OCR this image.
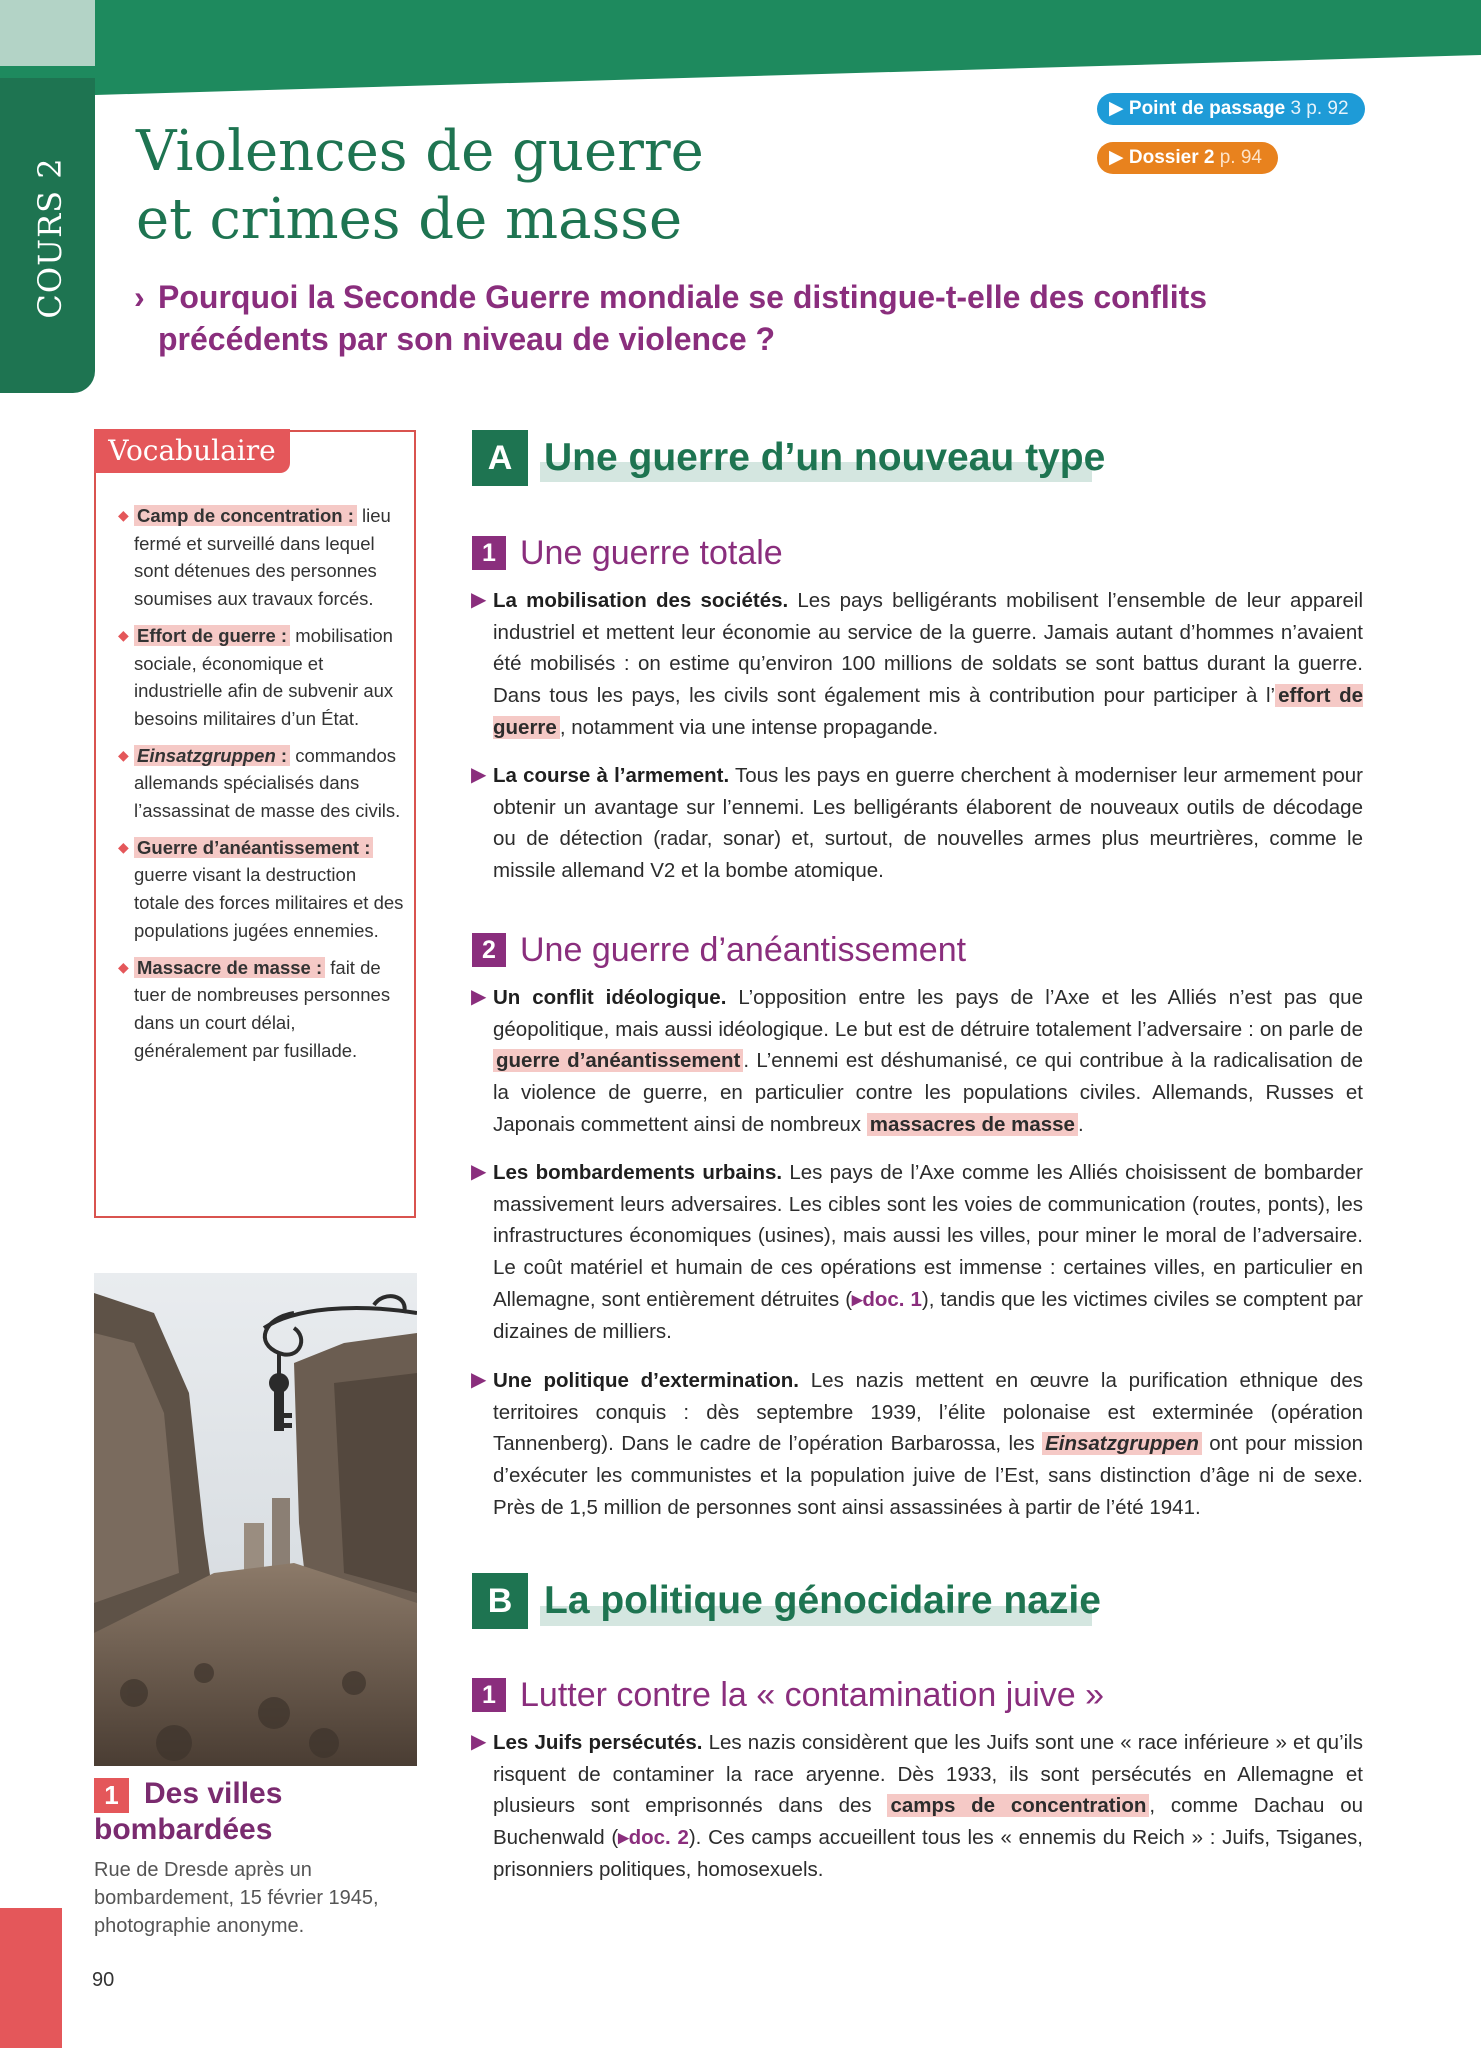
COURS 2
Violences de guerre
et crimes de masse
› Pourquoi la Seconde Guerre mondiale se distingue-t-elle des conflits précédents par son niveau de violence ?
▶ Point de passage 3 p. 92
▶ Dossier 2 p. 94
Vocabulaire
◆ Camp de concentration : lieu fermé et surveillé dans lequel sont détenues des personnes soumises aux travaux forcés.
◆ Effort de guerre : mobilisation sociale, économique et industrielle afin de subvenir aux besoins militaires d’un État.
◆ Einsatzgruppen : commandos allemands spécialisés dans l’assassinat de masse des civils.
◆ Guerre d’anéantissement : guerre visant la destruction totale des forces militaires et des populations jugées ennemies.
◆ Massacre de masse : fait de tuer de nombreuses personnes dans un court délai, généralement par fusillade.
1 Des villes bombardées
Rue de Dresde après un bombardement, 15 février 1945, photographie anonyme.
90
A Une guerre d’un nouveau type
1 Une guerre totale
▶ La mobilisation des sociétés. Les pays belligérants mobilisent l’ensemble de leur appareil industriel et mettent leur économie au service de la guerre. Jamais autant d’hommes n’avaient été mobilisés : on estime qu’environ 100 millions de soldats se sont battus durant la guerre. Dans tous les pays, les civils sont également mis à contribution pour participer à l’ effort de guerre , notamment via une intense propagande.
▶ La course à l’armement. Tous les pays en guerre cherchent à moderniser leur armement pour obtenir un avantage sur l’ennemi. Les belligérants élaborent de nouveaux outils de décodage ou de détection (radar, sonar) et, surtout, de nouvelles armes plus meurtrières, comme le missile allemand V2 et la bombe atomique.
2 Une guerre d’anéantissement
▶ Un conflit idéologique. L’opposition entre les pays de l’Axe et les Alliés n’est pas que géopolitique, mais aussi idéologique. Le but est de détruire totalement l’adversaire : on parle de guerre d’anéantissement . L’ennemi est déshumanisé, ce qui contribue à la radicalisation de la violence de guerre, en particulier contre les populations civiles. Allemands, Russes et Japonais commettent ainsi de nombreux massacres de masse .
▶ Les bombardements urbains. Les pays de l’Axe comme les Alliés choisissent de bombarder massivement leurs adversaires. Les cibles sont les voies de communication (routes, ponts), les infrastructures économiques (usines), mais aussi les villes, pour miner le moral de l’adversaire. Le coût matériel et humain de ces opérations est immense : certaines villes, en particulier en Allemagne, sont entièrement détruites (▸doc. 1), tandis que les victimes civiles se comptent par dizaines de milliers.
▶ Une politique d’extermination. Les nazis mettent en œuvre la purification ethnique des territoires conquis : dès septembre 1939, l’élite polonaise est exterminée (opération Tannenberg). Dans le cadre de l’opération Barbarossa, les Einsatzgruppen ont pour mission d’exécuter les communistes et la population juive de l’Est, sans distinction d’âge ni de sexe. Près de 1,5 million de personnes sont ainsi assassinées à partir de l’été 1941.
B La politique génocidaire nazie
1 Lutter contre la « contamination juive »
▶ Les Juifs persécutés. Les nazis considèrent que les Juifs sont une « race inférieure » et qu’ils risquent de contaminer la race aryenne. Dès 1933, ils sont persécutés en Allemagne et plusieurs sont emprisonnés dans des camps de concentration , comme Dachau ou Buchenwald (▸doc. 2). Ces camps accueillent tous les « ennemis du Reich » : Juifs, Tsiganes, prisonniers politiques, homosexuels.
